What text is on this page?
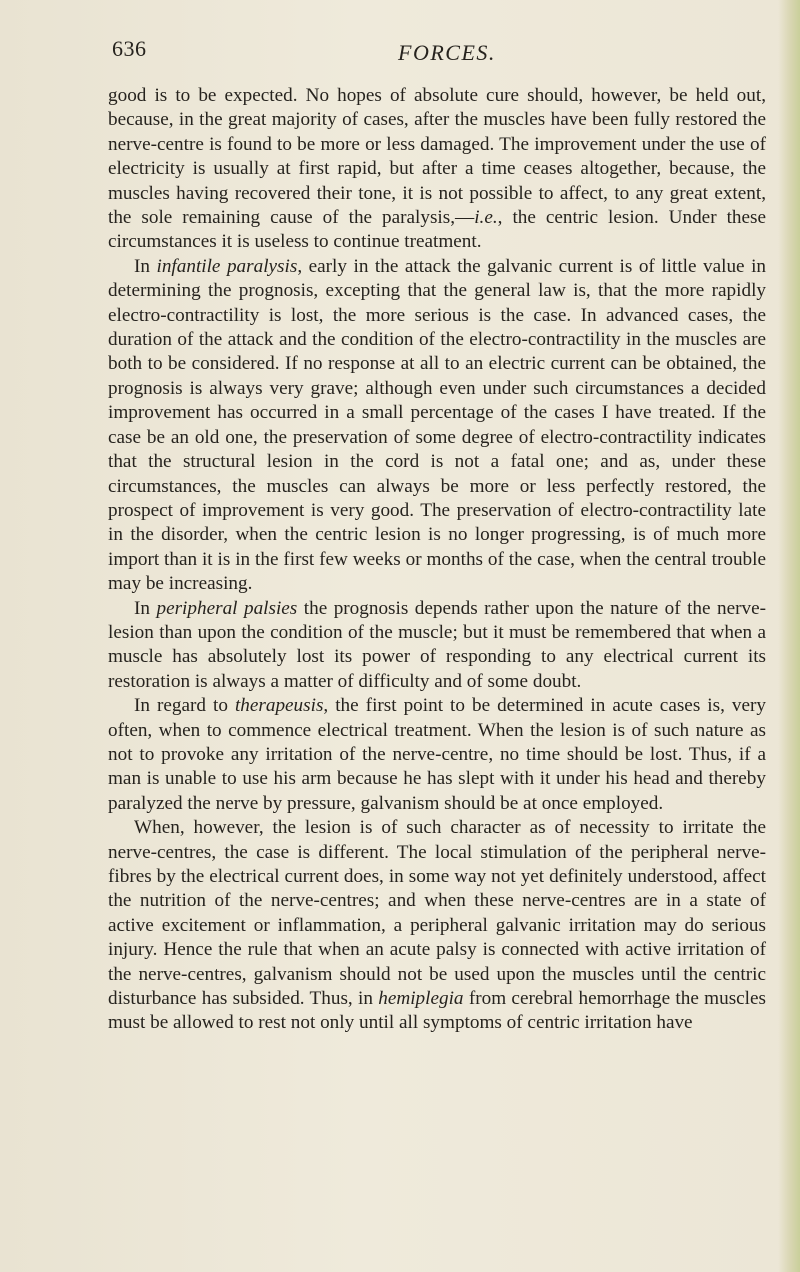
636	FORCES.

good is to be expected. No hopes of absolute cure should, however, be held out, because, in the great majority of cases, after the muscles have been fully restored the nerve-centre is found to be more or less damaged. The improvement under the use of electricity is usually at first rapid, but after a time ceases altogether, because, the muscles having recovered their tone, it is not possible to affect, to any great extent, the sole remaining cause of the paralysis,—i.e., the centric lesion. Under these circumstances it is useless to continue treatment.

In infantile paralysis, early in the attack the galvanic current is of little value in determining the prognosis, excepting that the general law is, that the more rapidly electro-contractility is lost, the more serious is the case. In advanced cases, the duration of the attack and the condition of the electro-contractility in the muscles are both to be considered. If no response at all to an electric current can be obtained, the prognosis is always very grave; although even under such circumstances a decided improvement has occurred in a small percentage of the cases I have treated. If the case be an old one, the preservation of some degree of electro-contractility indicates that the structural lesion in the cord is not a fatal one; and as, under these circumstances, the muscles can always be more or less perfectly restored, the prospect of improvement is very good. The preservation of electro-contractility late in the disorder, when the centric lesion is no longer progressing, is of much more import than it is in the first few weeks or months of the case, when the central trouble may be increasing.

In peripheral palsies the prognosis depends rather upon the nature of the nerve-lesion than upon the condition of the muscle; but it must be remembered that when a muscle has absolutely lost its power of responding to any electrical current its restoration is always a matter of difficulty and of some doubt.

In regard to therapeusis, the first point to be determined in acute cases is, very often, when to commence electrical treatment. When the lesion is of such nature as not to provoke any irritation of the nerve-centre, no time should be lost. Thus, if a man is unable to use his arm because he has slept with it under his head and thereby paralyzed the nerve by pressure, galvanism should be at once employed.

When, however, the lesion is of such character as of necessity to irritate the nerve-centres, the case is different. The local stimulation of the peripheral nerve-fibres by the electrical current does, in some way not yet definitely understood, affect the nutrition of the nerve-centres; and when these nerve-centres are in a state of active excitement or inflammation, a peripheral galvanic irritation may do serious injury. Hence the rule that when an acute palsy is connected with active irritation of the nerve-centres, galvanism should not be used upon the muscles until the centric disturbance has subsided. Thus, in hemiplegia from cerebral hemorrhage the muscles must be allowed to rest not only until all symptoms of centric irritation have
